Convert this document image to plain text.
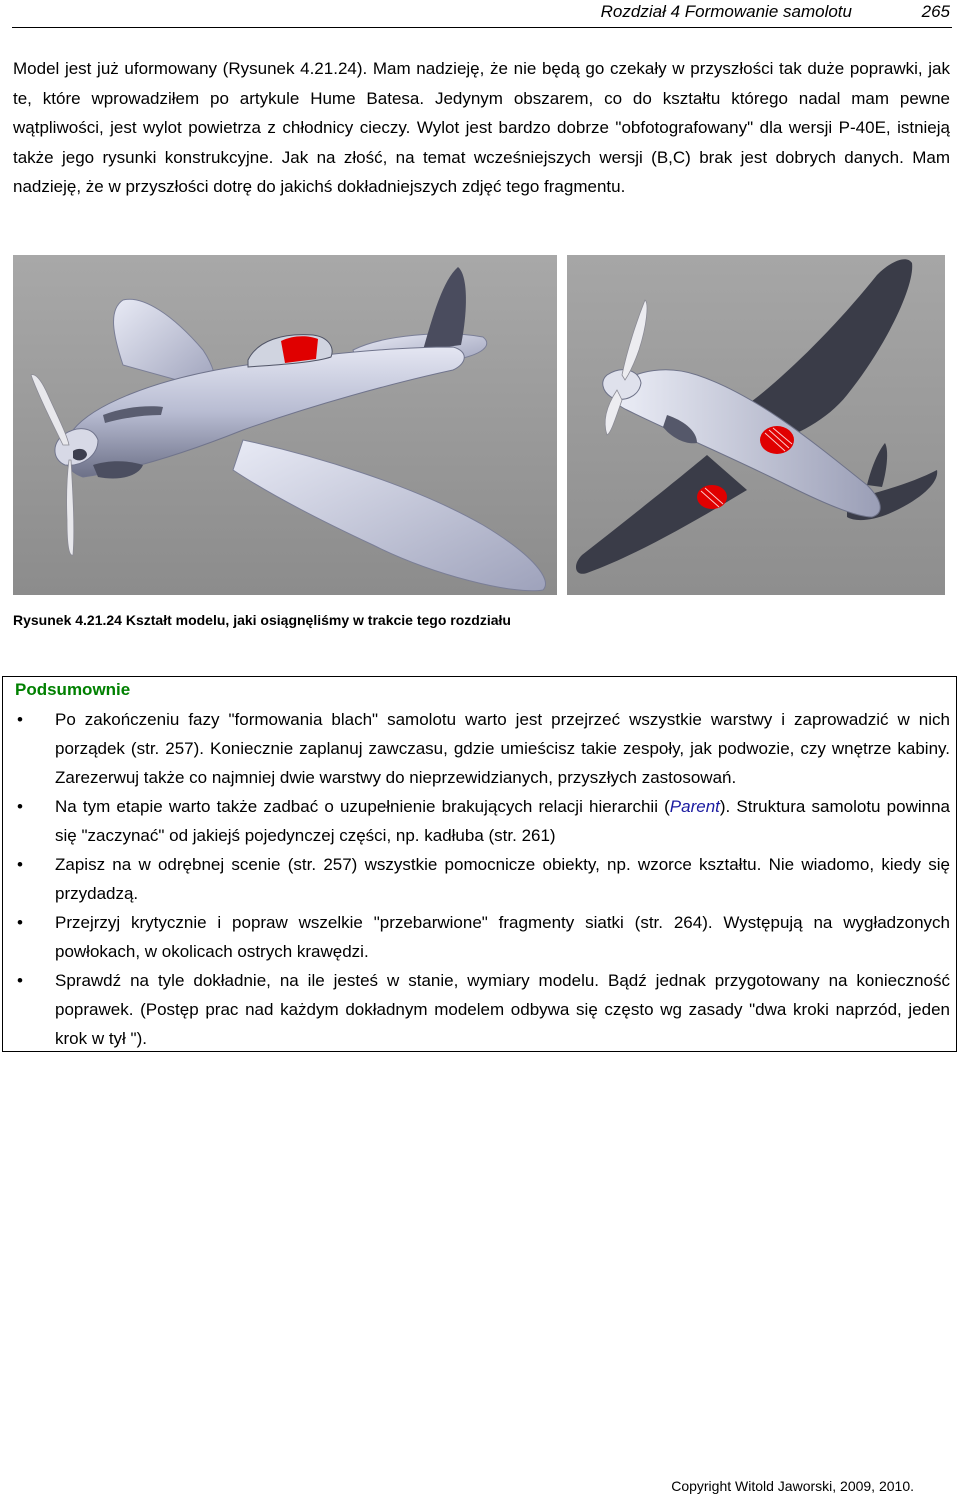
Rozdział 4 Formowanie samolotu	265

Model jest już uformowany (Rysunek 4.21.24). Mam nadzieję, że nie będą go czekały w przyszłości tak duże poprawki, jak te, które wprowadziłem po artykule Hume Batesa. Jedynym obszarem, co do kształtu którego nadal mam pewne wątpliwości, jest wylot powietrza z chłodnicy cieczy. Wylot jest bardzo dobrze "obfotografowany" dla wersji P-40E, istnieją także jego rysunki konstrukcyjne. Jak na złość, na temat wcześniejszych wersji (B,C) brak jest dobrych danych. Mam nadzieję, że w przyszłości dotrę do jakichś dokładniejszych zdjęć tego fragmentu.

Rysunek 4.21.24 Kształt modelu, jaki osiągnęliśmy w trakcie tego rozdziału
Podsumownie
• Po zakończeniu fazy "formowania blach" samolotu warto jest przejrzeć wszystkie warstwy i zaprowadzić w nich porządek (str. 257). Koniecznie zaplanuj zawczasu, gdzie umieścisz takie zespoły, jak podwozie, czy wnętrze kabiny. Zarezerwuj także co najmniej dwie warstwy do nieprzewidzianych, przyszłych zastosowań.
• Na tym etapie warto także zadbać o uzupełnienie brakujących relacji hierarchii (Parent). Struktura samolotu powinna się "zaczynać" od jakiejś pojedynczej części, np. kadłuba (str. 261)
• Zapisz na w odrębnej scenie (str. 257) wszystkie pomocnicze obiekty, np. wzorce kształtu. Nie wiadomo, kiedy się przydadzą.
• Przejrzyj krytycznie i popraw wszelkie "przebarwione" fragmenty siatki (str. 264). Występują na wygładzonych powłokach, w okolicach ostrych krawędzi.
• Sprawdź na tyle dokładnie, na ile jesteś w stanie, wymiary modelu. Bądź jednak przygotowany na konieczność poprawek. (Postęp prac nad każdym dokładnym modelem odbywa się często wg zasady "dwa kroki naprzód, jeden krok w tył ").
Copyright Witold Jaworski, 2009, 2010.
